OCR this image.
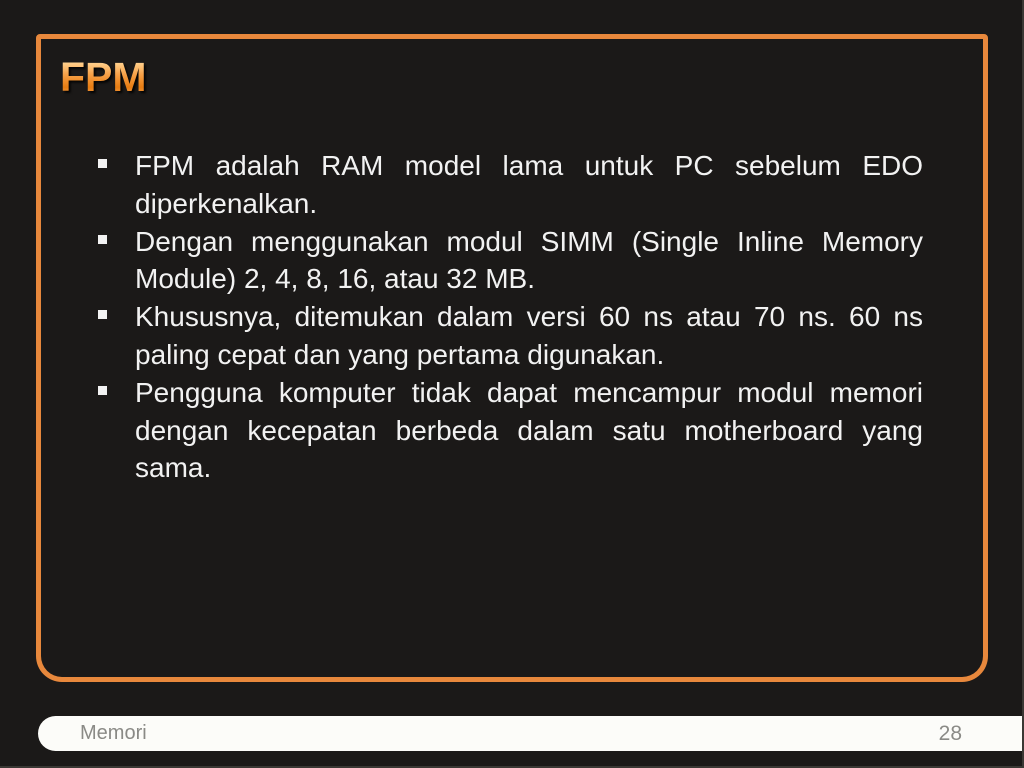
FPM
FPM adalah RAM model lama untuk PC sebelum EDO diperkenalkan.
Dengan menggunakan modul SIMM (Single Inline Memory Module) 2, 4, 8, 16, atau 32 MB.
Khususnya, ditemukan dalam versi 60 ns atau 70 ns. 60 ns paling cepat dan yang pertama digunakan.
Pengguna komputer tidak dapat mencampur modul memori dengan kecepatan berbeda dalam satu motherboard yang sama.
Memori	28
